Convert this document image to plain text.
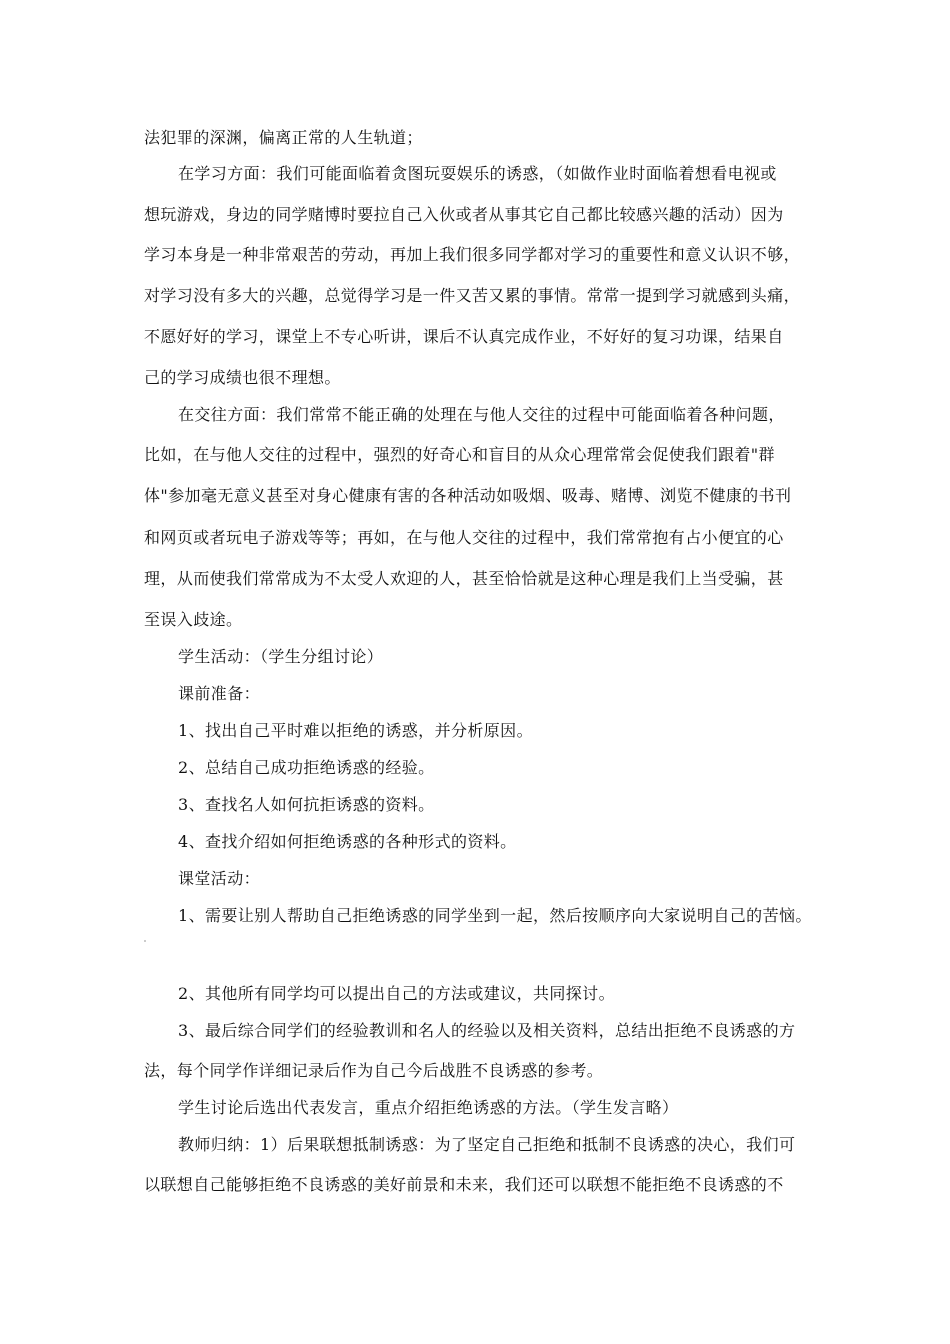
法犯罪的深渊，偏离正常的人生轨道；
在学习方面：我们可能面临着贪图玩耍娱乐的诱惑，（如做作业时面临着想看电视或
想玩游戏，身边的同学赌博时要拉自己入伙或者从事其它自己都比较感兴趣的活动）因为
学习本身是一种非常艰苦的劳动，再加上我们很多同学都对学习的重要性和意义认识不够，
对学习没有多大的兴趣，总觉得学习是一件又苦又累的事情。常常一提到学习就感到头痛，
不愿好好的学习，课堂上不专心听讲，课后不认真完成作业，不好好的复习功课，结果自
己的学习成绩也很不理想。
在交往方面：我们常常不能正确的处理在与他人交往的过程中可能面临着各种问题，
比如，在与他人交往的过程中，强烈的好奇心和盲目的从众心理常常会促使我们跟着"群
体"参加毫无意义甚至对身心健康有害的各种活动如吸烟、吸毒、赌博、浏览不健康的书刊
和网页或者玩电子游戏等等；再如，在与他人交往的过程中，我们常常抱有占小便宜的心
理，从而使我们常常成为不太受人欢迎的人，甚至恰恰就是这种心理是我们上当受骗，甚
至误入歧途。
学生活动：（学生分组讨论）
课前准备：
1、找出自己平时难以拒绝的诱惑，并分析原因。
2、总结自己成功拒绝诱惑的经验。
3、查找名人如何抗拒诱惑的资料。
4、查找介绍如何拒绝诱惑的各种形式的资料。
课堂活动：
1、需要让别人帮助自己拒绝诱惑的同学坐到一起，然后按顺序向大家说明自己的苦恼。
2、其他所有同学均可以提出自己的方法或建议，共同探讨。
3、最后综合同学们的经验教训和名人的经验以及相关资料，总结出拒绝不良诱惑的方
法，每个同学作详细记录后作为自己今后战胜不良诱惑的参考。
学生讨论后选出代表发言，重点介绍拒绝诱惑的方法。（学生发言略）
教师归纳：1）后果联想抵制诱惑：为了坚定自己拒绝和抵制不良诱惑的决心，我们可
以联想自己能够拒绝不良诱惑的美好前景和未来，我们还可以联想不能拒绝不良诱惑的不
